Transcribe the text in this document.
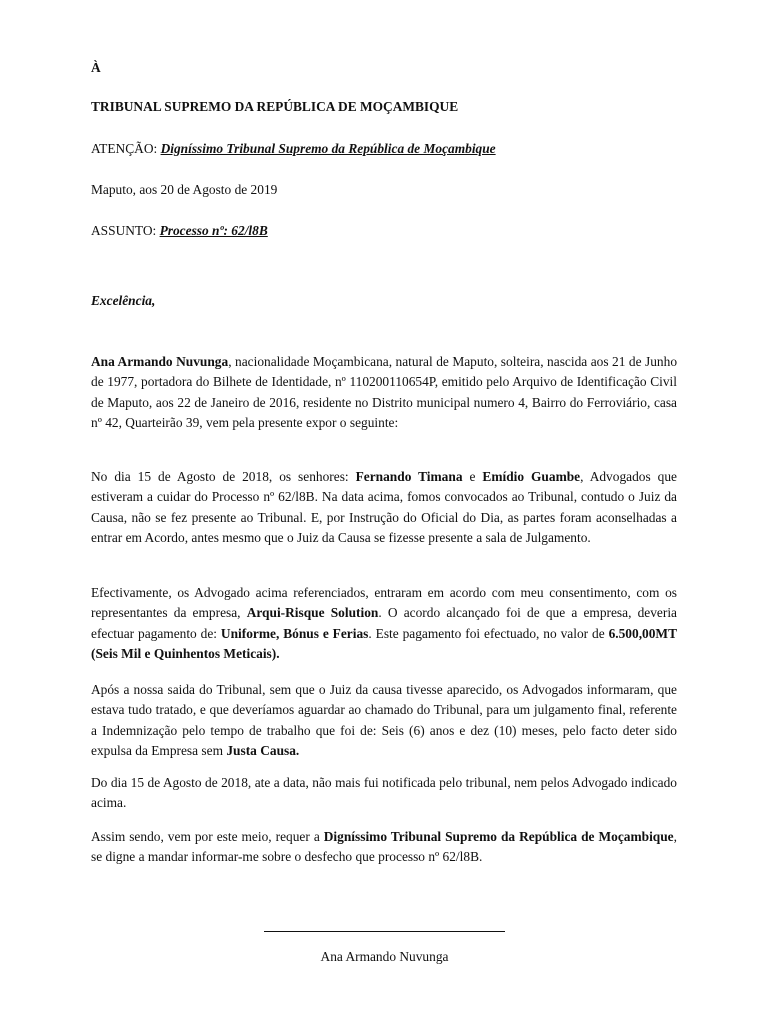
À

TRIBUNAL SUPREMO DA REPÚBLICA DE MOÇAMBIQUE

ATENÇÃO: Digníssimo Tribunal Supremo da República de Moçambique

Maputo, aos 20 de Agosto de 2019

ASSUNTO: Processo nº: 62/l8B

Excelência,

Ana Armando Nuvunga, nacionalidade Moçambicana, natural de Maputo, solteira, nascida aos 21 de Junho de 1977, portadora do Bilhete de Identidade, nº 110200110654P, emitido pelo Arquivo de Identificação Civil de Maputo, aos 22 de Janeiro de 2016, residente no Distrito municipal numero 4, Bairro do Ferroviário, casa nº 42, Quarteirão 39, vem pela presente expor o seguinte:

No dia 15 de Agosto de 2018, os senhores: Fernando Timana e Emídio Guambe, Advogados que estiveram a cuidar do Processo nº 62/l8B. Na data acima, fomos convocados ao Tribunal, contudo o Juiz da Causa, não se fez presente ao Tribunal. E, por Instrução do Oficial do Dia, as partes foram aconselhadas a entrar em Acordo, antes mesmo que o Juiz da Causa se fizesse presente a sala de Julgamento.

Efectivamente, os Advogado acima referenciados, entraram em acordo com meu consentimento, com os representantes da empresa, Arqui-Risque Solution. O acordo alcançado foi de que a empresa, deveria efectuar pagamento de: Uniforme, Bónus e Ferias. Este pagamento foi efectuado, no valor de 6.500,00MT (Seis Mil e Quinhentos Meticais).

Após a nossa saida do Tribunal, sem que o Juiz da causa tivesse aparecido, os Advogados informaram, que estava tudo tratado, e que deveríamos aguardar ao chamado do Tribunal, para um julgamento final, referente a Indemnização pelo tempo de trabalho que foi de: Seis (6) anos e dez (10) meses, pelo facto deter sido expulsa da Empresa sem Justa Causa.

Do dia 15 de Agosto de 2018, ate a data, não mais fui notificada pelo tribunal, nem pelos Advogado indicado acima.

Assim sendo, vem por este meio, requer a Digníssimo Tribunal Supremo da República de Moçambique, se digne a mandar informar-me sobre o desfecho que processo nº 62/l8B.

Ana Armando Nuvunga
